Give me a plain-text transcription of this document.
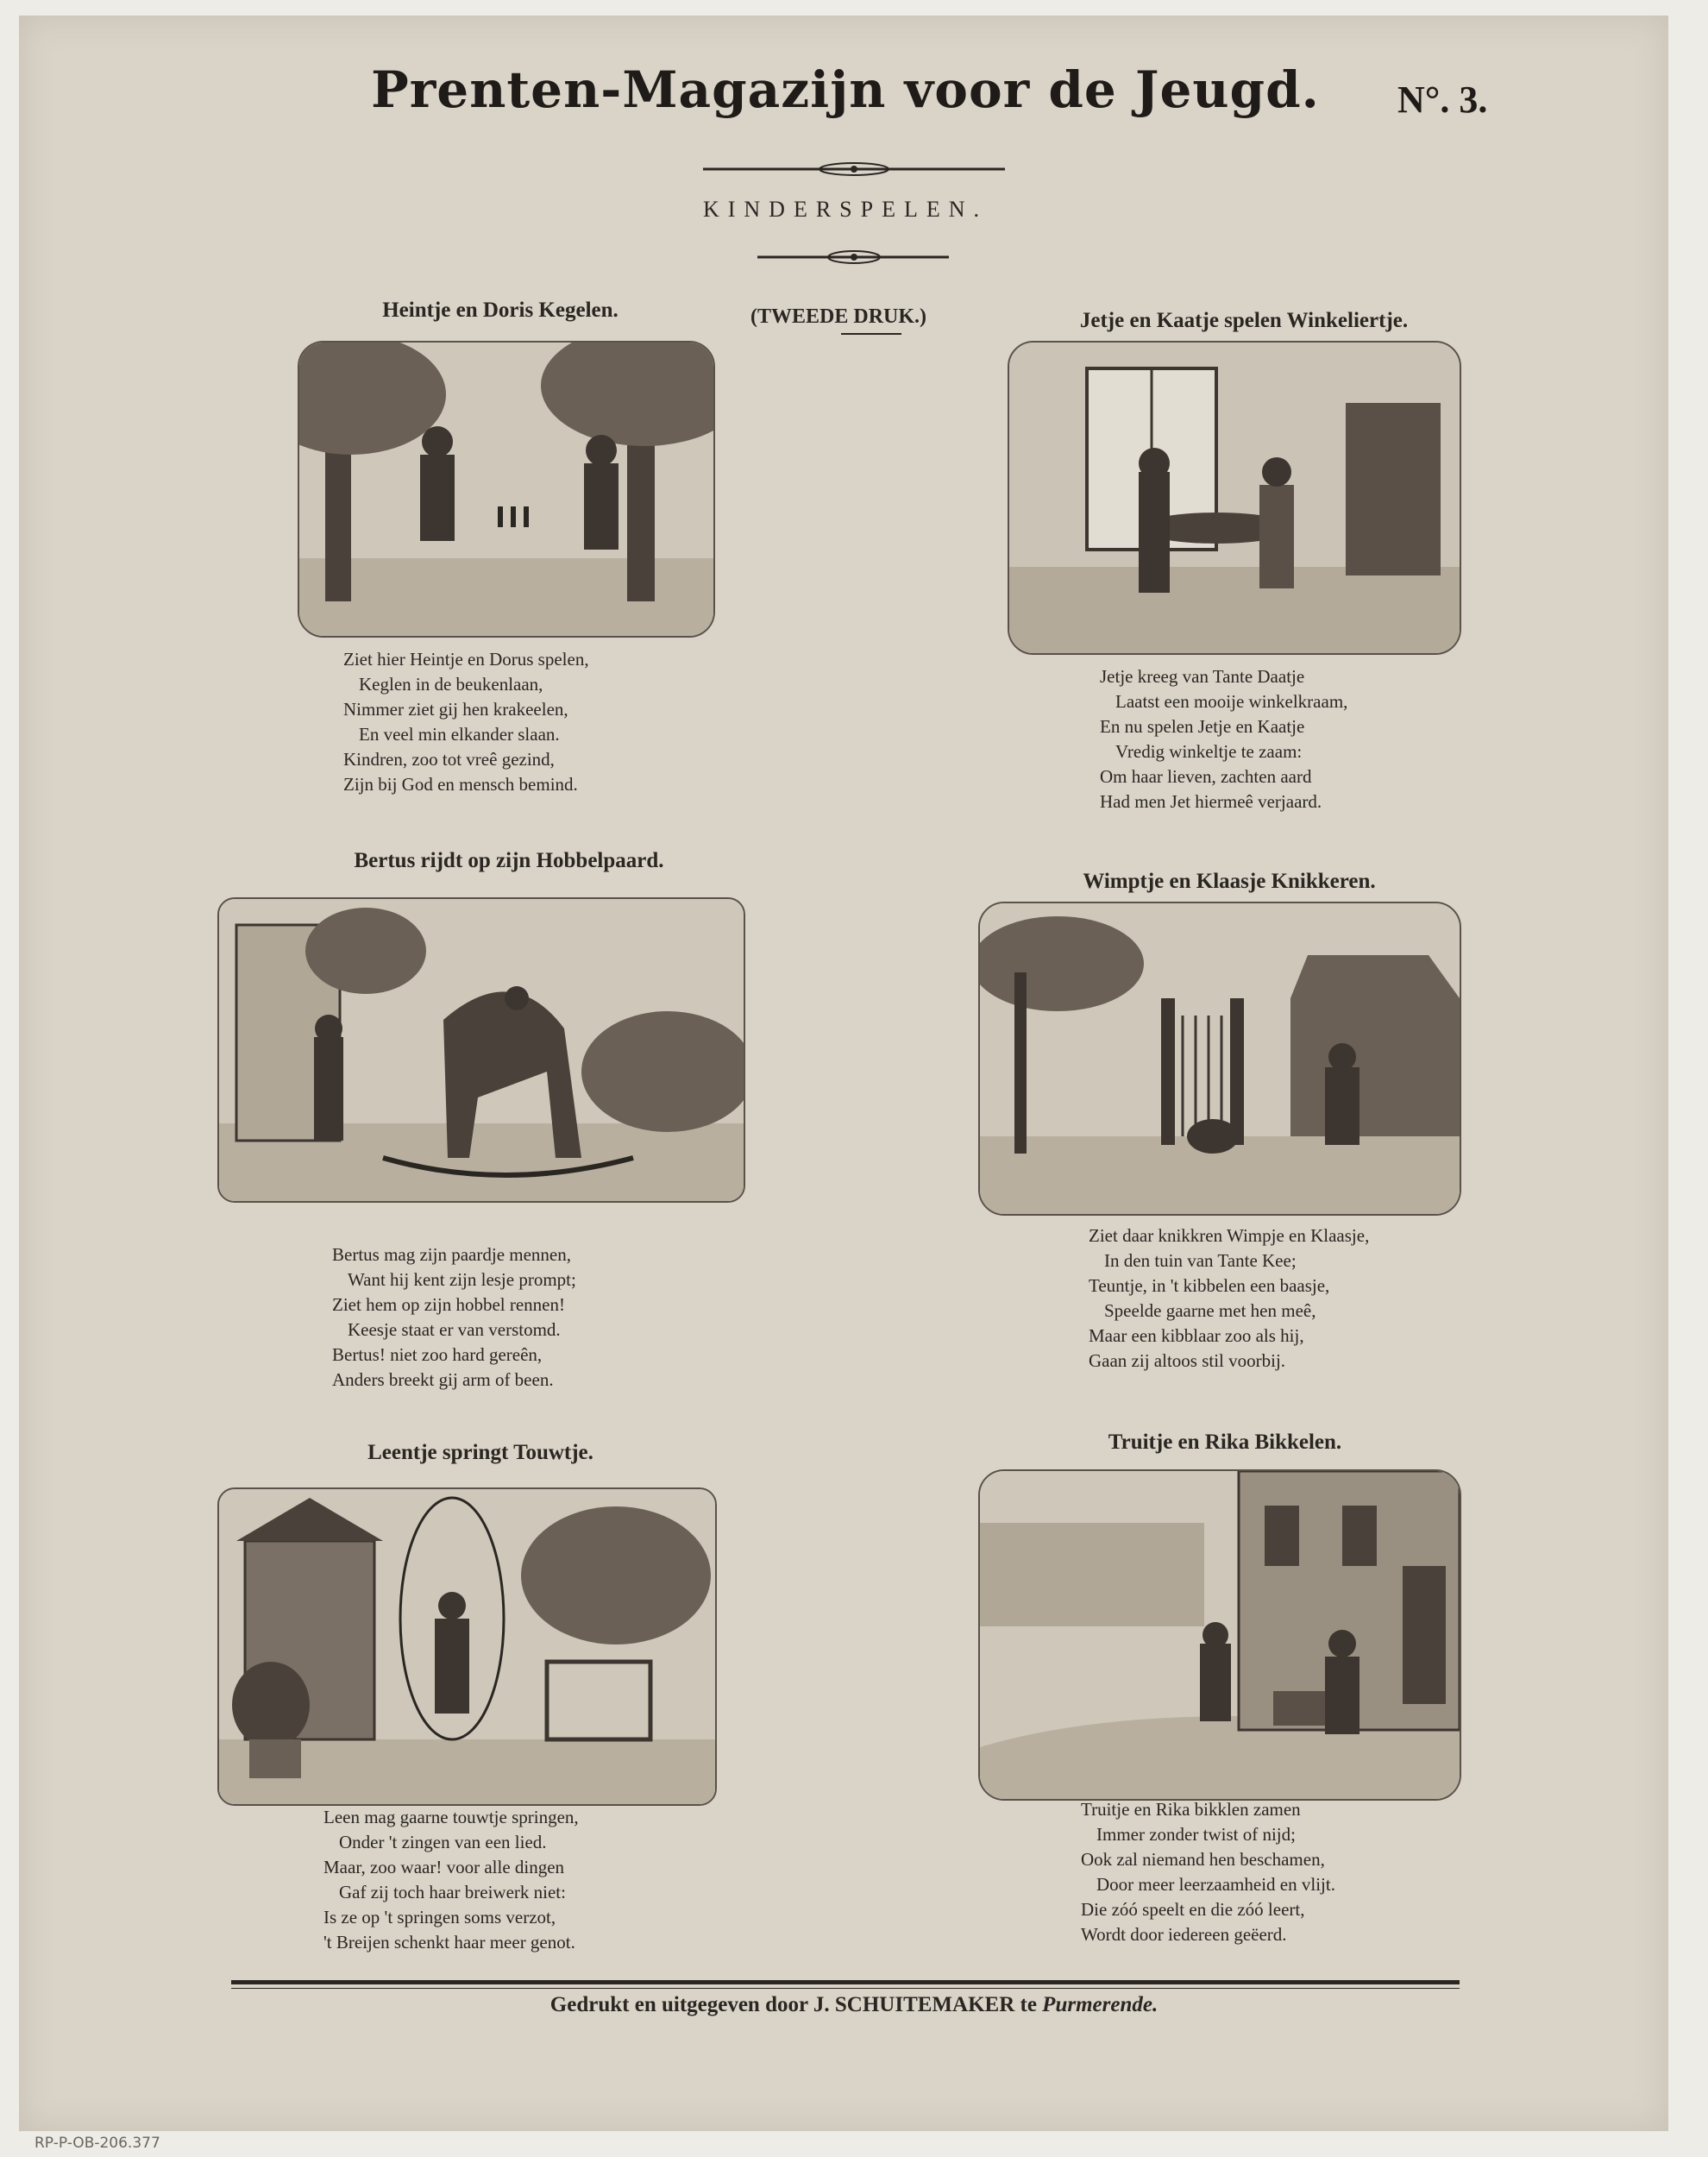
Prenten-Magazijn voor de Jeugd.	N°. 3.
KINDERSPELEN.
(TWEEDE DRUK.)
Heintje en Doris Kegelen.
Ziet hier Heintje en Dorus spelen,
Keglen in de beukenlaan,
Nimmer ziet gij hen krakeelen,
En veel min elkander slaan.
Kindren, zoo tot vreê gezind,
Zijn bij God en mensch bemind.
Jetje en Kaatje spelen Winkeliertje.
Jetje kreeg van Tante Daatje
Laatst een mooije winkelkraam,
En nu spelen Jetje en Kaatje
Vredig winkeltje te zaam:
Om haar lieven, zachten aard
Had men Jet hiermeê verjaard.
Bertus rijdt op zijn Hobbelpaard.
Bertus mag zijn paardje mennen,
Want hij kent zijn lesje prompt;
Ziet hem op zijn hobbel rennen!
Keesje staat er van verstomd.
Bertus! niet zoo hard gereên,
Anders breekt gij arm of been.
Wimptje en Klaasje Knikkeren.
Ziet daar knikkren Wimpje en Klaasje,
In den tuin van Tante Kee;
Teuntje, in 't kibbelen een baasje,
Speelde gaarne met hen meê,
Maar een kibblaar zoo als hij,
Gaan zij altoos stil voorbij.
Leentje springt Touwtje.
Leen mag gaarne touwtje springen,
Onder 't zingen van een lied.
Maar, zoo waar! voor alle dingen
Gaf zij toch haar breiwerk niet:
Is ze op 't springen soms verzot,
't Breijen schenkt haar meer genot.
Truitje en Rika Bikkelen.
Truitje en Rika bikklen zamen
Immer zonder twist of nijd;
Ook zal niemand hen beschamen,
Door meer leerzaamheid en vlijt.
Die zóó speelt en die zóó leert,
Wordt door iedereen geëerd.
Gedrukt en uitgegeven door J. SCHUITEMAKER te Purmerende.
RP-P-OB-206.377
